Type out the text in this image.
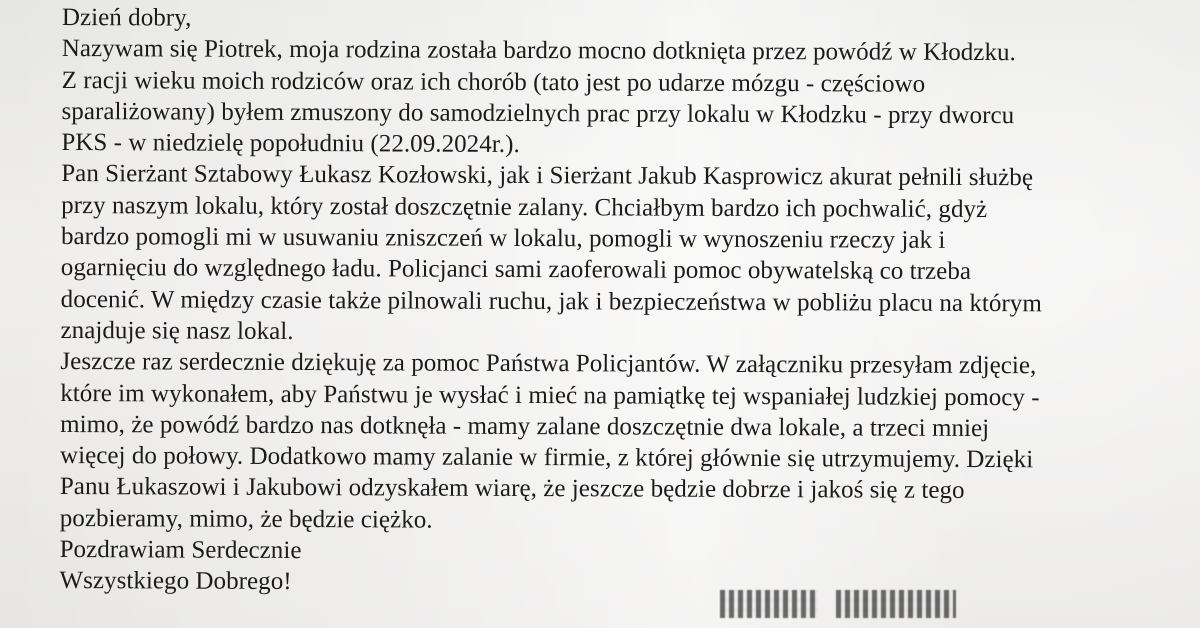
Dzień dobry,
Nazywam się Piotrek, moja rodzina została bardzo mocno dotknięta przez powódź w Kłodzku.
Z racji wieku moich rodziców oraz ich chorób (tato jest po udarze mózgu - częściowo
sparaliżowany) byłem zmuszony do samodzielnych prac przy lokalu w Kłodzku - przy dworcu
PKS - w niedzielę popołudniu (22.09.2024r.).
Pan Sierżant Sztabowy Łukasz Kozłowski, jak i Sierżant Jakub Kasprowicz akurat pełnili służbę
przy naszym lokalu, który został doszczętnie zalany. Chciałbym bardzo ich pochwalić, gdyż
bardzo pomogli mi w usuwaniu zniszczeń w lokalu, pomogli w wynoszeniu rzeczy jak i
ogarnięciu do względnego ładu. Policjanci sami zaoferowali pomoc obywatelską co trzeba
docenić. W między czasie także pilnowali ruchu, jak i bezpieczeństwa w pobliżu placu na którym
znajduje się nasz lokal.
Jeszcze raz serdecznie dziękuję za pomoc Państwa Policjantów. W załączniku przesyłam zdjęcie,
które im wykonałem, aby Państwu je wysłać i mieć na pamiątkę tej wspaniałej ludzkiej pomocy -
mimo, że powódź bardzo nas dotknęła - mamy zalane doszczętnie dwa lokale, a trzeci mniej
więcej do połowy. Dodatkowo mamy zalanie w firmie, z której głównie się utrzymujemy. Dzięki
Panu Łukaszowi i Jakubowi odzyskałem wiarę, że jeszcze będzie dobrze i jakoś się z tego
pozbieramy, mimo, że będzie ciężko.
Pozdrawiam Serdecznie
Wszystkiego Dobrego!
